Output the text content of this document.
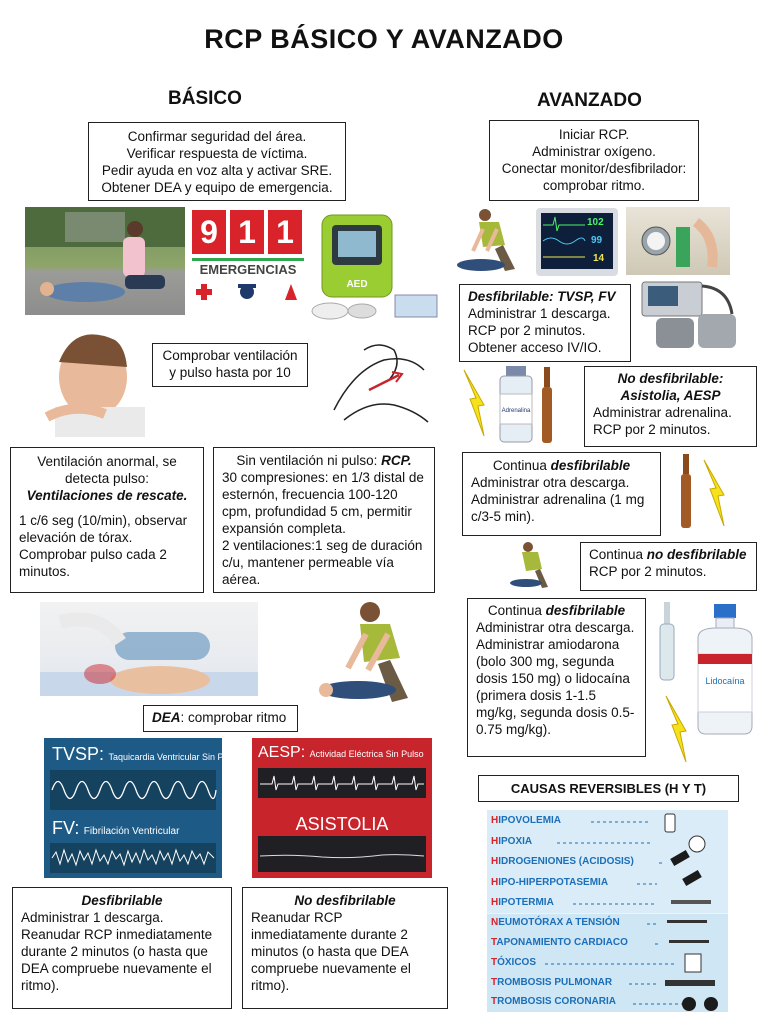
RCP BÁSICO Y AVANZADO
BÁSICO	AVANZADO
Confirmar seguridad del área.
Verificar respuesta de víctima.
Pedir ayuda en voz alta y activar SRE.
Obtener DEA y equipo de emergencia.
9 1 1
EMERGENCIAS
AED
Comprobar ventilación
y pulso hasta por 10
Ventilación anormal, se detecta pulso:
Ventilaciones de rescate.
1 c/6 seg (10/min), observar elevación de tórax. Comprobar pulso cada 2 minutos.
Sin ventilación ni pulso: RCP.
30 compresiones: en 1/3 distal de esternón, frecuencia 100-120 cpm, profundidad 5 cm, permitir expansión completa.
2 ventilaciones:1 seg de duración c/u, mantener permeable vía aérea.
DEA: comprobar ritmo
TVSP: Taquicardia Ventricular Sin Pulso
FV: Fibrilación Ventricular
AESP: Actividad Eléctrica Sin Pulso
ASISTOLIA
Desfibrilable
Administrar 1 descarga. Reanudar RCP inmediatamente durante 2 minutos (o hasta que DEA compruebe nuevamente el ritmo).
No desfibrilable
Reanudar RCP inmediatamente durante 2 minutos (o hasta que DEA compruebe nuevamente el ritmo).
Iniciar RCP.
Administrar oxígeno.
Conectar monitor/desfibrilador:
comprobar ritmo.
102
99
14
Desfibrilable: TVSP, FV
Administrar 1 descarga.
RCP por 2 minutos.
Obtener acceso IV/IO.
Adrenalina
No desfibrilable:
Asistolia, AESP
Administrar adrenalina.
RCP por 2 minutos.
Continua desfibrilable
Administrar otra descarga. Administrar adrenalina (1 mg c/3-5 min).
Continua no desfibrilable
RCP por 2 minutos.
Continua desfibrilable
Administrar otra descarga. Administrar amiodarona (bolo 300 mg, segunda dosis 150 mg) o lidocaína (primera dosis 1-1.5 mg/kg, segunda dosis 0.5-0.75 mg/kg).
Lidocaína
CAUSAS REVERSIBLES (H Y T)
HIPOVOLEMIA
HIPOXIA
HIDROGENIONES (ACIDOSIS)
HIPO-HIPERPOTASEMIA
HIPOTERMIA
NEUMOTÓRAX A TENSIÓN
TAPONAMIENTO CARDIACO
TÓXICOS
TROMBOSIS PULMONAR
TROMBOSIS CORONARIA
